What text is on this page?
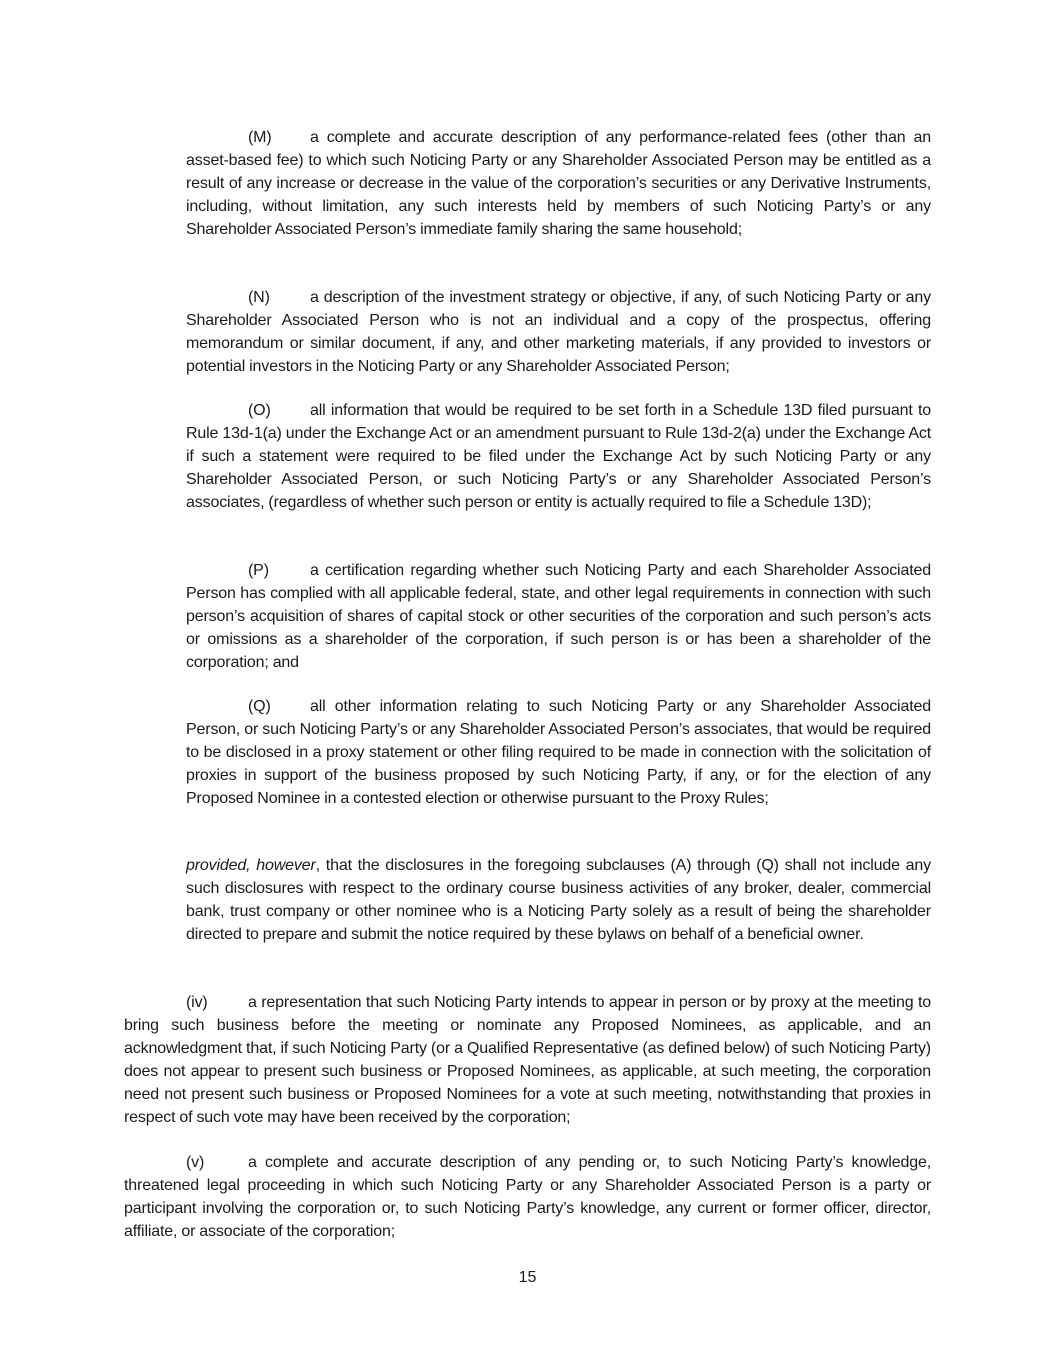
(M) a complete and accurate description of any performance-related fees (other than an asset-based fee) to which such Noticing Party or any Shareholder Associated Person may be entitled as a result of any increase or decrease in the value of the corporation’s securities or any Derivative Instruments, including, without limitation, any such interests held by members of such Noticing Party’s or any Shareholder Associated Person’s immediate family sharing the same household;

(N)	a description of the investment strategy or objective, if any, of such Noticing Party or any Shareholder Associated Person who is not an individual and a copy of the prospectus, offering memorandum or similar document, if any, and other marketing materials, if any provided to investors or potential investors in the Noticing Party or any Shareholder Associated Person;

(O) all information that would be required to be set forth in a Schedule 13D filed pursuant to Rule 13d-1(a) under the Exchange Act or an amendment pursuant to Rule 13d-2(a) under the Exchange Act if such a statement were required to be filed under the Exchange Act by such Noticing Party or any Shareholder Associated Person, or such Noticing Party’s or any Shareholder Associated Person’s associates, (regardless of whether such person or entity is actually required to file a Schedule 13D);

(P)	a certification regarding whether such Noticing Party and each Shareholder Associated Person has complied with all applicable federal, state, and other legal requirements in connection with such person’s acquisition of shares of capital stock or other securities of the corporation and such person’s acts or omissions as a shareholder of the corporation, if such person is or has been a shareholder of the corporation; and

(Q) all other information relating to such Noticing Party or any Shareholder Associated Person, or such Noticing Party’s or any Shareholder Associated Person’s associates, that would be required to be disclosed in a proxy statement or other filing required to be made in connection with the solicitation of proxies in support of the business proposed by such Noticing Party, if any, or for the election of any Proposed Nominee in a contested election or otherwise pursuant to the Proxy Rules;

provided, however, that the disclosures in the foregoing subclauses (A) through (Q) shall not include any such disclosures with respect to the ordinary course business activities of any broker, dealer, commercial bank, trust company or other nominee who is a Noticing Party solely as a result of being the shareholder directed to prepare and submit the notice required by these bylaws on behalf of a beneficial owner.

(iv)	a representation that such Noticing Party intends to appear in person or by proxy at the meeting to bring such business before the meeting or nominate any Proposed Nominees, as applicable, and an acknowledgment that, if such Noticing Party (or a Qualified Representative (as defined below) of such Noticing Party) does not appear to present such business or Proposed Nominees, as applicable, at such meeting, the corporation need not present such business or Proposed Nominees for a vote at such meeting, notwithstanding that proxies in respect of such vote may have been received by the corporation;

(v)	a complete and accurate description of any pending or, to such Noticing Party’s knowledge, threatened legal proceeding in which such Noticing Party or any Shareholder Associated Person is a party or participant involving the corporation or, to such Noticing Party’s knowledge, any current or former officer, director, affiliate, or associate of the corporation;

15
